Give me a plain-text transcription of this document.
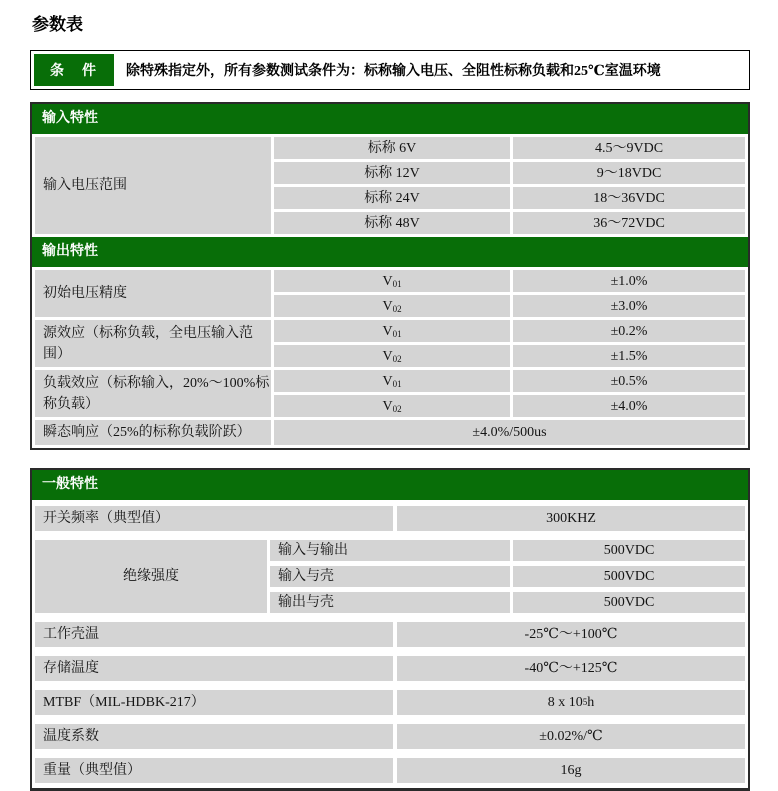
参数表
条　件	除特殊指定外，所有参数测试条件为：标称输入电压、全阻性标称负载和25℃室温环境
输入特性
输入电压范围
标称 6V	4.5～9VDC
标称 12V	9～18VDC
标称 24V	18～36VDC
标称 48V	36～72VDC
输出特性
初始电压精度
$V_{01}$	±1.0%
$V_{02}$	±3.0%
源效应（标称负载，全电压输入范围）
$V_{01}$	±0.2%
$V_{02}$	±1.5%
负载效应（标称输入，20%～100%标称负载）
$V_{01}$	±0.5%
$V_{02}$	±4.0%
瞬态响应（25%的标称负载阶跃）	±4.0%/500us
一般特性
开关频率（典型值）	300KHZ
绝缘强度
输入与输出	500VDC
输入与壳	500VDC
输出与壳	500VDC
工作壳温	-25℃～+100℃
存储温度	-40℃～+125℃
MTBF（MIL-HDBK-217）	8 x 10 5 h
温度系数	±0.02%/℃
重量（典型值）	16g
